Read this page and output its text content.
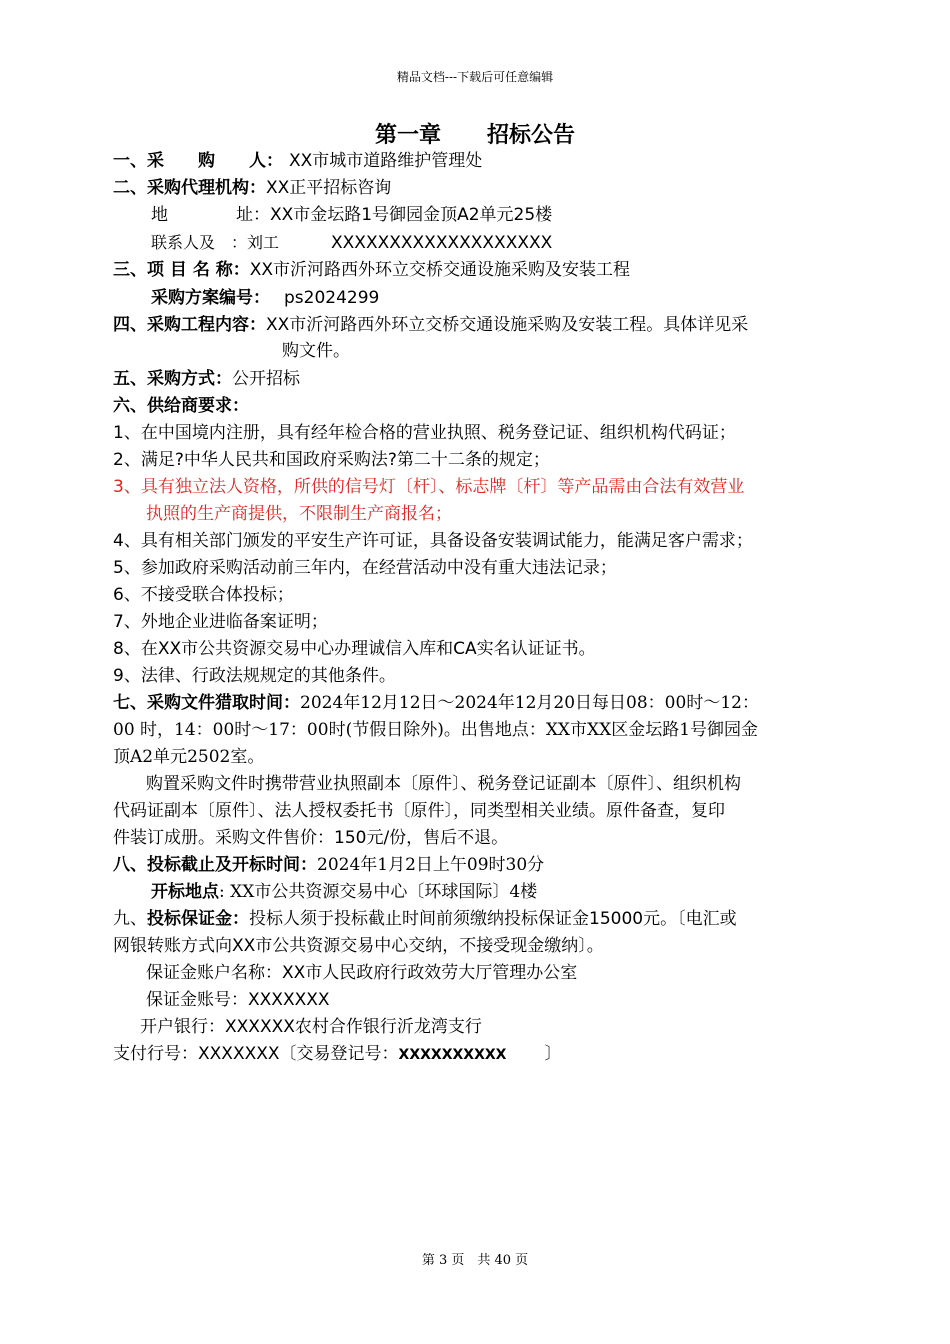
精品文档---下载后可任意编辑
第一章 招标公告
一、采　　购　　人： XX市城市道路维护管理处
二、采购代理机构：XX正平招标咨询
地　　　　址：XX市金坛路1号御园金顶A2单元25楼
联系人及　：刘工	XXXXXXXXXXXXXXXXXXX
三、项 目 名 称：XX市沂河路西外环立交桥交通设施采购及安装工程
采购方案编号： ps2024299
四、采购工程内容：XX市沂河路西外环立交桥交通设施采购及安装工程。具体详见采
购文件。
五、采购方式：公开招标
六、供给商要求：
1、在中国境内注册，具有经年检合格的营业执照、税务登记证、组织机构代码证；
2、满足?中华人民共和国政府采购法?第二十二条的规定；
3、具有独立法人资格，所供的信号灯〔杆〕、标志牌〔杆〕等产品需由合法有效营业
执照的生产商提供，不限制生产商报名；
4、具有相关部门颁发的平安生产许可证，具备设备安装调试能力，能满足客户需求；
5、参加政府采购活动前三年内，在经营活动中没有重大违法记录；
6、不接受联合体投标；
7、外地企业进临备案证明；
8、在XX市公共资源交易中心办理诚信入库和CA实名认证证书。
9、法律、行政法规规定的其他条件。
七、采购文件猎取时间：2024年12月12日～2024年12月20日每日08：00时～12：
00 时，14：00时～17：00时(节假日除外)。出售地点：XX市XX区金坛路1号御园金
顶A2单元2502室。
购置采购文件时携带营业执照副本〔原件〕、税务登记证副本〔原件〕、组织机构
代码证副本〔原件〕、法人授权委托书〔原件〕，同类型相关业绩。原件备查，复印
件装订成册。采购文件售价：150元/份，售后不退。
八、投标截止及开标时间：2024年1月2日上午09时30分
开标地点: XX市公共资源交易中心〔环球国际〕4楼
九、投标保证金：投标人须于投标截止时间前须缴纳投标保证金15000元。〔电汇或
网银转账方式向XX市公共资源交易中心交纳，不接受现金缴纳〕。
保证金账户名称：XX市人民政府行政效劳大厅管理办公室
保证金账号：XXXXXXX
开户银行：XXXXXX农村合作银行沂龙湾支行
支付行号：XXXXXXX〔交易登记号：XXXXXXXXXX 〕
第 3 页　共 40 页
